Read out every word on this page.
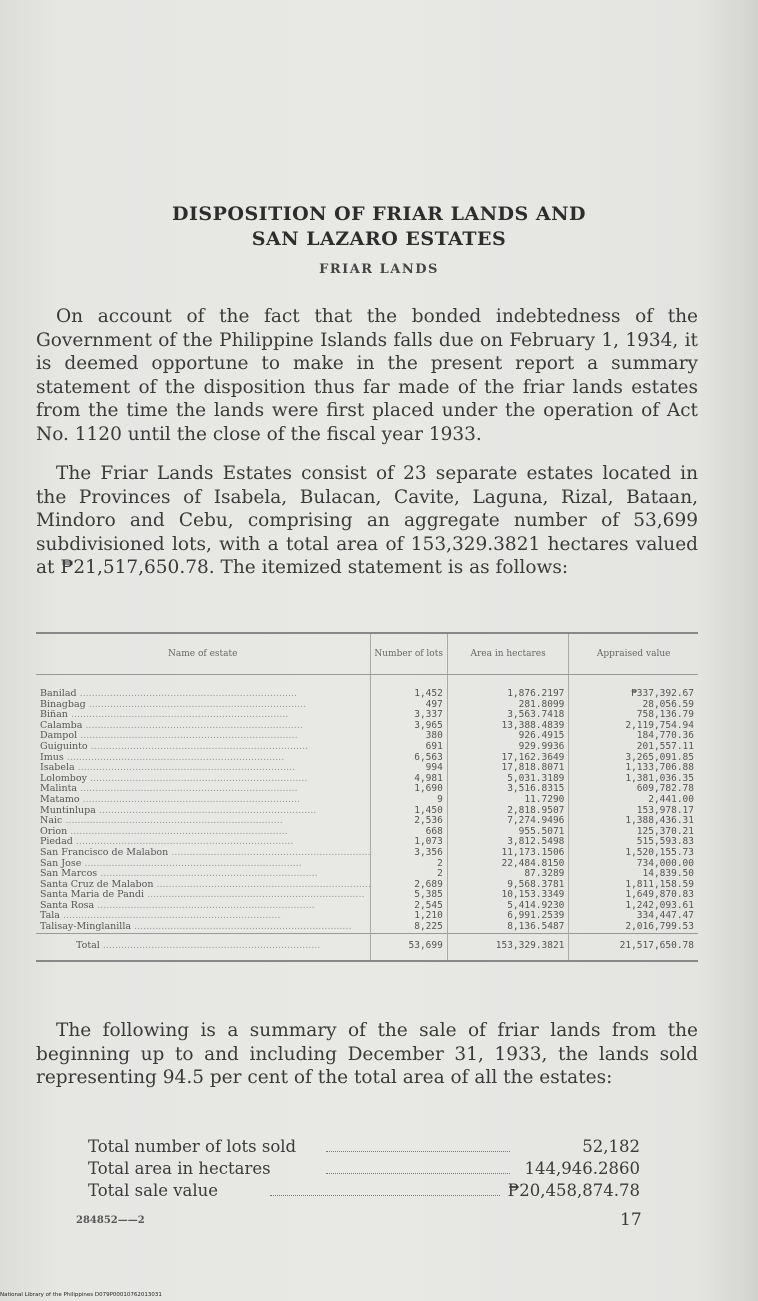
DISPOSITION OF FRIAR LANDS AND
SAN LAZARO ESTATES
FRIAR LANDS
On account of the fact that the bonded indebtedness of the Government of the Philippine Islands falls due on February 1, 1934, it is deemed opportune to make in the present report a summary statement of the disposition thus far made of the friar lands estates from the time the lands were first placed under the operation of Act No. 1120 until the close of the fiscal year 1933.
The Friar Lands Estates consist of 23 separate estates located in the Provinces of Isabela, Bulacan, Cavite, Laguna, Rizal, Bataan, Mindoro and Cebu, comprising an aggregate number of 53,699 subdivisioned lots, with a total area of 153,329.3821 hectares valued at ₱21,517,650.78. The itemized statement is as follows:
Name of estate	Number of lots	Area in hectares	Appraised value
Banilad .....	1,452	1,876.2197	₱337,392.67
Binagbag .....	497	281.8099	28,056.59
Biñan .....	3,337	3,563.7418	758,136.79
Calamba .....	3,965	13,388.4839	2,119,754.94
Dampol .....	380	926.4915	184,770.36
Guiguinto .....	691	929.9936	201,557.11
Imus .....	6,563	17,162.3649	3,265,091.85
Isabela .....	994	17,818.8071	1,133,706.88
Lolomboy .....	4,981	5,031.3189	1,381,036.35
Malinta .....	1,690	3,516.8315	609,782.78
Matamo .....	9	11.7290	2,441.00
Muntinlupa .....	1,450	2,818.9507	153,978.17
Naic .....	2,536	7,274.9496	1,388,436.31
Orion .....	668	955.5071	125,370.21
Piedad .....	1,073	3,812.5498	515,593.83
San Francisco de Malabon .....	3,356	11,173.1506	1,520,155.73
San Jose .....	2	22,484.8150	734,000.00
San Marcos .....	2	87.3289	14,839.50
Santa Cruz de Malabon .....	2,689	9,568.3781	1,811,158.59
Santa Maria de Pandi .....	5,385	10,153.3349	1,649,870.83
Santa Rosa .....	2,545	5,414.9230	1,242,093.61
Tala .....	1,210	6,991.2539	334,447.47
Talisay-Minglanilla .....	8,225	8,136.5487	2,016,799.53
Total .....	53,699	153,329.3821	21,517,650.78
The following is a summary of the sale of friar lands from the beginning up to and including December 31, 1933, the lands sold representing 94.5 per cent of the total area of all the estates:
Total number of lots sold	52,182
Total area in hectares	144,946.2860
Total sale value	₱20,458,874.78
284852——2	17
National Library of the Philippines D079P00010762013031
